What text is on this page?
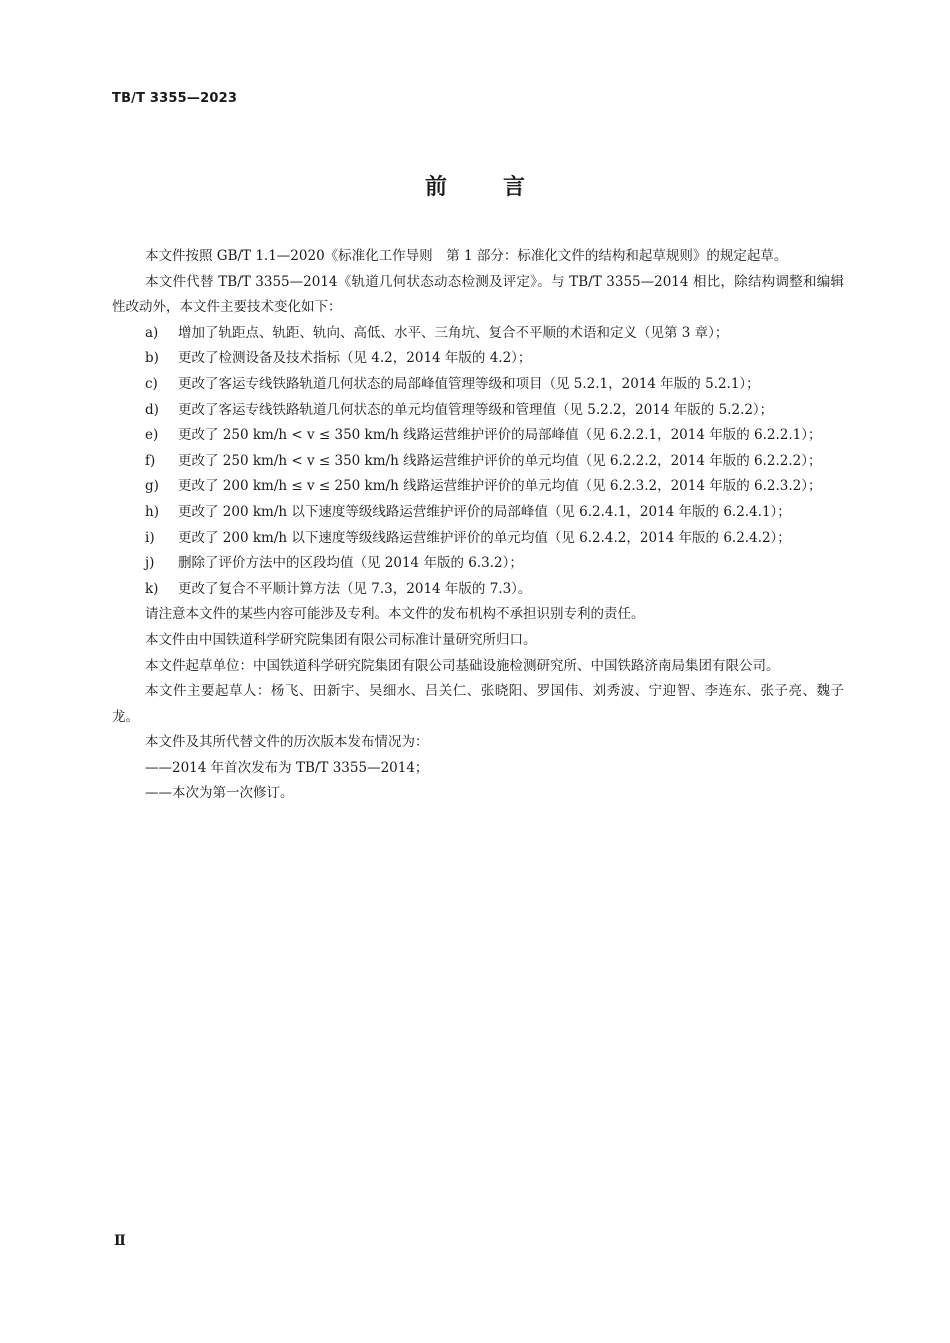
TB/T 3355—2023
前言

本文件按照 GB/T 1.1—2020《标准化工作导则　第 1 部分：标准化文件的结构和起草规则》的规定起草。

本文件代替 TB/T 3355—2014《轨道几何状态动态检测及评定》。与 TB/T 3355—2014 相比，除结构调整和编辑性改动外，本文件主要技术变化如下：

a) 增加了轨距点、轨距、轨向、高低、水平、三角坑、复合不平顺的术语和定义（见第 3 章）；

b) 更改了检测设备及技术指标（见 4.2，2014 年版的 4.2）；

c) 更改了客运专线铁路轨道几何状态的局部峰值管理等级和项目（见 5.2.1，2014 年版的 5.2.1）；

d) 更改了客运专线铁路轨道几何状态的单元均值管理等级和管理值（见 5.2.2，2014 年版的 5.2.2）；

e) 更改了 250 km/h < v ≤ 350 km/h 线路运营维护评价的局部峰值（见 6.2.2.1，2014 年版的 6.2.2.1）；

f) 更改了 250 km/h < v ≤ 350 km/h 线路运营维护评价的单元均值（见 6.2.2.2，2014 年版的 6.2.2.2）；

g) 更改了 200 km/h ≤ v ≤ 250 km/h 线路运营维护评价的单元均值（见 6.2.3.2，2014 年版的 6.2.3.2）；

h) 更改了 200 km/h 以下速度等级线路运营维护评价的局部峰值（见 6.2.4.1，2014 年版的 6.2.4.1）；

i) 更改了 200 km/h 以下速度等级线路运营维护评价的单元均值（见 6.2.4.2，2014 年版的 6.2.4.2）；

j) 删除了评价方法中的区段均值（见 2014 年版的 6.3.2）；

k) 更改了复合不平顺计算方法（见 7.3，2014 年版的 7.3）。

请注意本文件的某些内容可能涉及专利。本文件的发布机构不承担识别专利的责任。

本文件由中国铁道科学研究院集团有限公司标准计量研究所归口。

本文件起草单位：中国铁道科学研究院集团有限公司基础设施检测研究所、中国铁路济南局集团有限公司。

本文件主要起草人：杨飞、田新宇、吴细水、吕关仁、张晓阳、罗国伟、刘秀波、宁迎智、李连东、张子亮、魏子龙。

本文件及其所代替文件的历次版本发布情况为：

——2014 年首次发布为 TB/T 3355—2014；

——本次为第一次修订。

Ⅱ
